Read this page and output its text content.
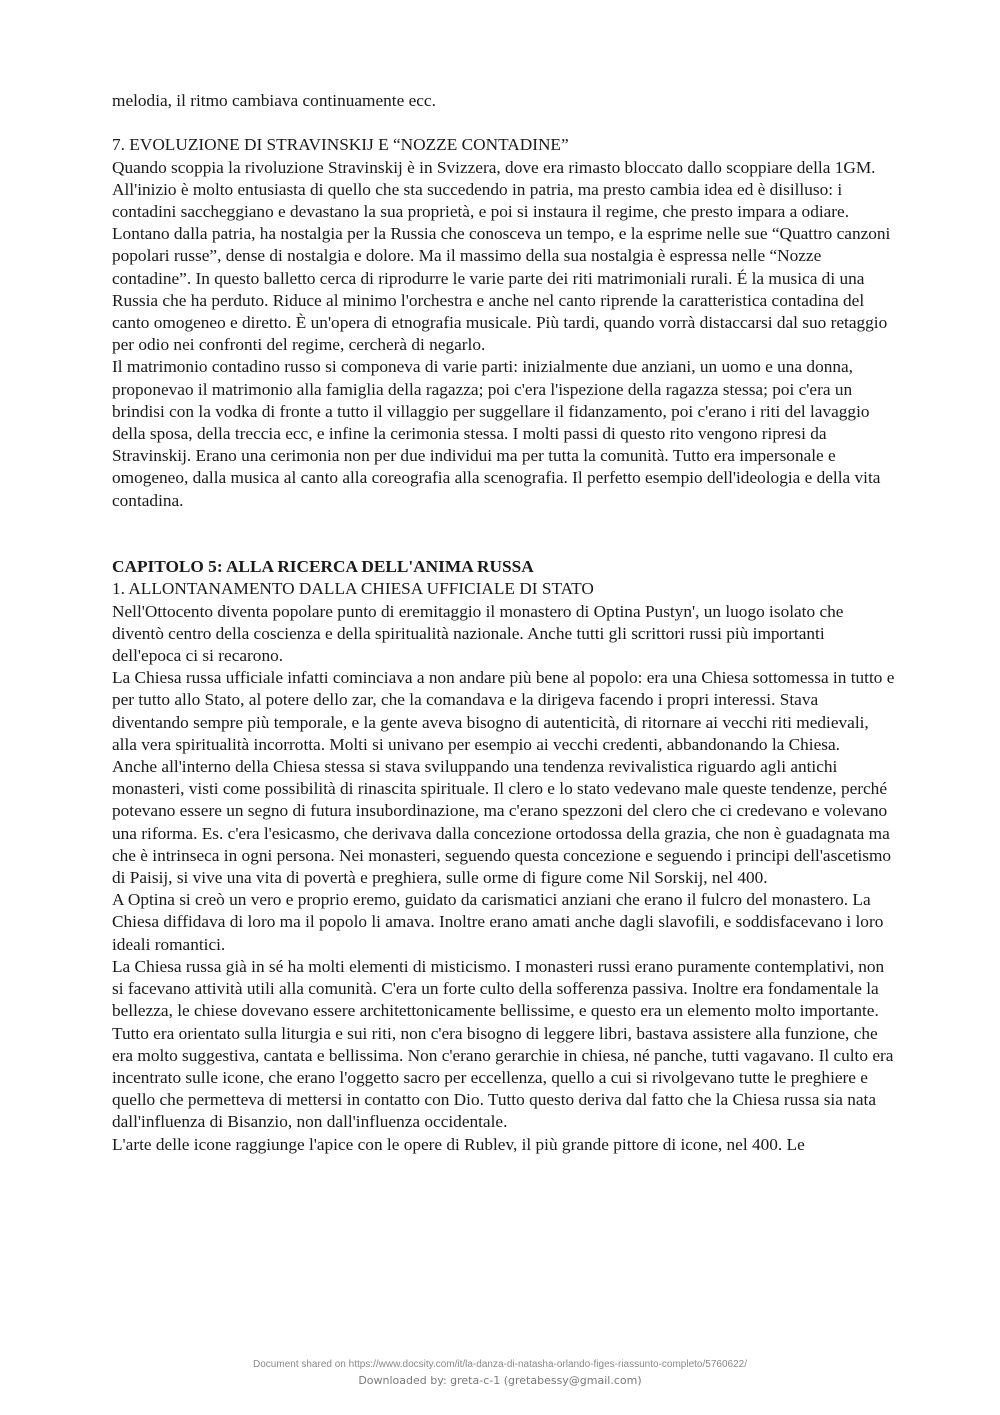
melodia, il ritmo cambiava continuamente ecc.

7. EVOLUZIONE DI STRAVINSKIJ E “NOZZE CONTADINE”

Quando scoppia la rivoluzione Stravinskij è in Svizzera, dove era rimasto bloccato dallo scoppiare della 1GM. All'inizio è molto entusiasta di quello che sta succedendo in patria, ma presto cambia idea ed è disilluso: i contadini saccheggiano e devastano la sua proprietà, e poi si instaura il regime, che presto impara a odiare. Lontano dalla patria, ha nostalgia per la Russia che conosceva un tempo, e la esprime nelle sue “Quattro canzoni popolari russe”, dense di nostalgia e dolore. Ma il massimo della sua nostalgia è espressa nelle “Nozze contadine”. In questo balletto cerca di riprodurre le varie parte dei riti matrimoniali rurali. É la musica di una Russia che ha perduto. Riduce al minimo l'orchestra e anche nel canto riprende la caratteristica contadina del canto omogeneo e diretto. È un'opera di etnografia musicale. Più tardi, quando vorrà distaccarsi dal suo retaggio per odio nei confronti del regime, cercherà di negarlo.

Il matrimonio contadino russo si componeva di varie parti: inizialmente due anziani, un uomo e una donna, proponevao il matrimonio alla famiglia della ragazza; poi c'era l'ispezione della ragazza stessa; poi c'era un brindisi con la vodka di fronte a tutto il villaggio per suggellare il fidanzamento, poi c'erano i riti del lavaggio della sposa, della treccia ecc, e infine la cerimonia stessa. I molti passi di questo rito vengono ripresi da Stravinskij. Erano una cerimonia non per due individui ma per tutta la comunità. Tutto era impersonale e omogeneo, dalla musica al canto alla coreografia alla scenografia. Il perfetto esempio dell'ideologia e della vita contadina.

CAPITOLO 5: ALLA RICERCA DELL'ANIMA RUSSA

1. ALLONTANAMENTO DALLA CHIESA UFFICIALE DI STATO

Nell'Ottocento diventa popolare punto di eremitaggio il monastero di Optina Pustyn', un luogo isolato che diventò centro della coscienza e della spiritualità nazionale. Anche tutti gli scrittori russi più importanti dell'epoca ci si recarono.

La Chiesa russa ufficiale infatti cominciava a non andare più bene al popolo: era una Chiesa sottomessa in tutto e per tutto allo Stato, al potere dello zar, che la comandava e la dirigeva facendo i propri interessi. Stava diventando sempre più temporale, e la gente aveva bisogno di autenticità, di ritornare ai vecchi riti medievali, alla vera spiritualità incorrotta. Molti si univano per esempio ai vecchi credenti, abbandonando la Chiesa.

Anche all'interno della Chiesa stessa si stava sviluppando una tendenza revivalistica riguardo agli antichi monasteri, visti come possibilità di rinascita spirituale. Il clero e lo stato vedevano male queste tendenze, perché potevano essere un segno di futura insubordinazione, ma c'erano spezzoni del clero che ci credevano e volevano una riforma. Es. c'era l'esicasmo, che derivava dalla concezione ortodossa della grazia, che non è guadagnata ma che è intrinseca in ogni persona. Nei monasteri, seguendo questa concezione e seguendo i principi dell'ascetismo di Paisij, si vive una vita di povertà e preghiera, sulle orme di figure come Nil Sorskij, nel 400.

A Optina si creò un vero e proprio eremo, guidato da carismatici anziani che erano il fulcro del monastero. La Chiesa diffidava di loro ma il popolo li amava. Inoltre erano amati anche dagli slavofili, e soddisfacevano i loro ideali romantici.

La Chiesa russa già in sé ha molti elementi di misticismo. I monasteri russi erano puramente contemplativi, non si facevano attività utili alla comunità. C'era un forte culto della sofferenza passiva. Inoltre era fondamentale la bellezza, le chiese dovevano essere architettonicamente bellissime, e questo era un elemento molto importante. Tutto era orientato sulla liturgia e sui riti, non c'era bisogno di leggere libri, bastava assistere alla funzione, che era molto suggestiva, cantata e bellissima. Non c'erano gerarchie in chiesa, né panche, tutti vagavano. Il culto era incentrato sulle icone, che erano l'oggetto sacro per eccellenza, quello a cui si rivolgevano tutte le preghiere e quello che permetteva di mettersi in contatto con Dio. Tutto questo deriva dal fatto che la Chiesa russa sia nata dall'influenza di Bisanzio, non dall'influenza occidentale.

L'arte delle icone raggiunge l'apice con le opere di Rublev, il più grande pittore di icone, nel 400. Le

Document shared on https://www.docsity.com/it/la-danza-di-natasha-orlando-figes-riassunto-completo/5760622/
Downloaded by: greta-c-1 (gretabessy@gmail.com)
